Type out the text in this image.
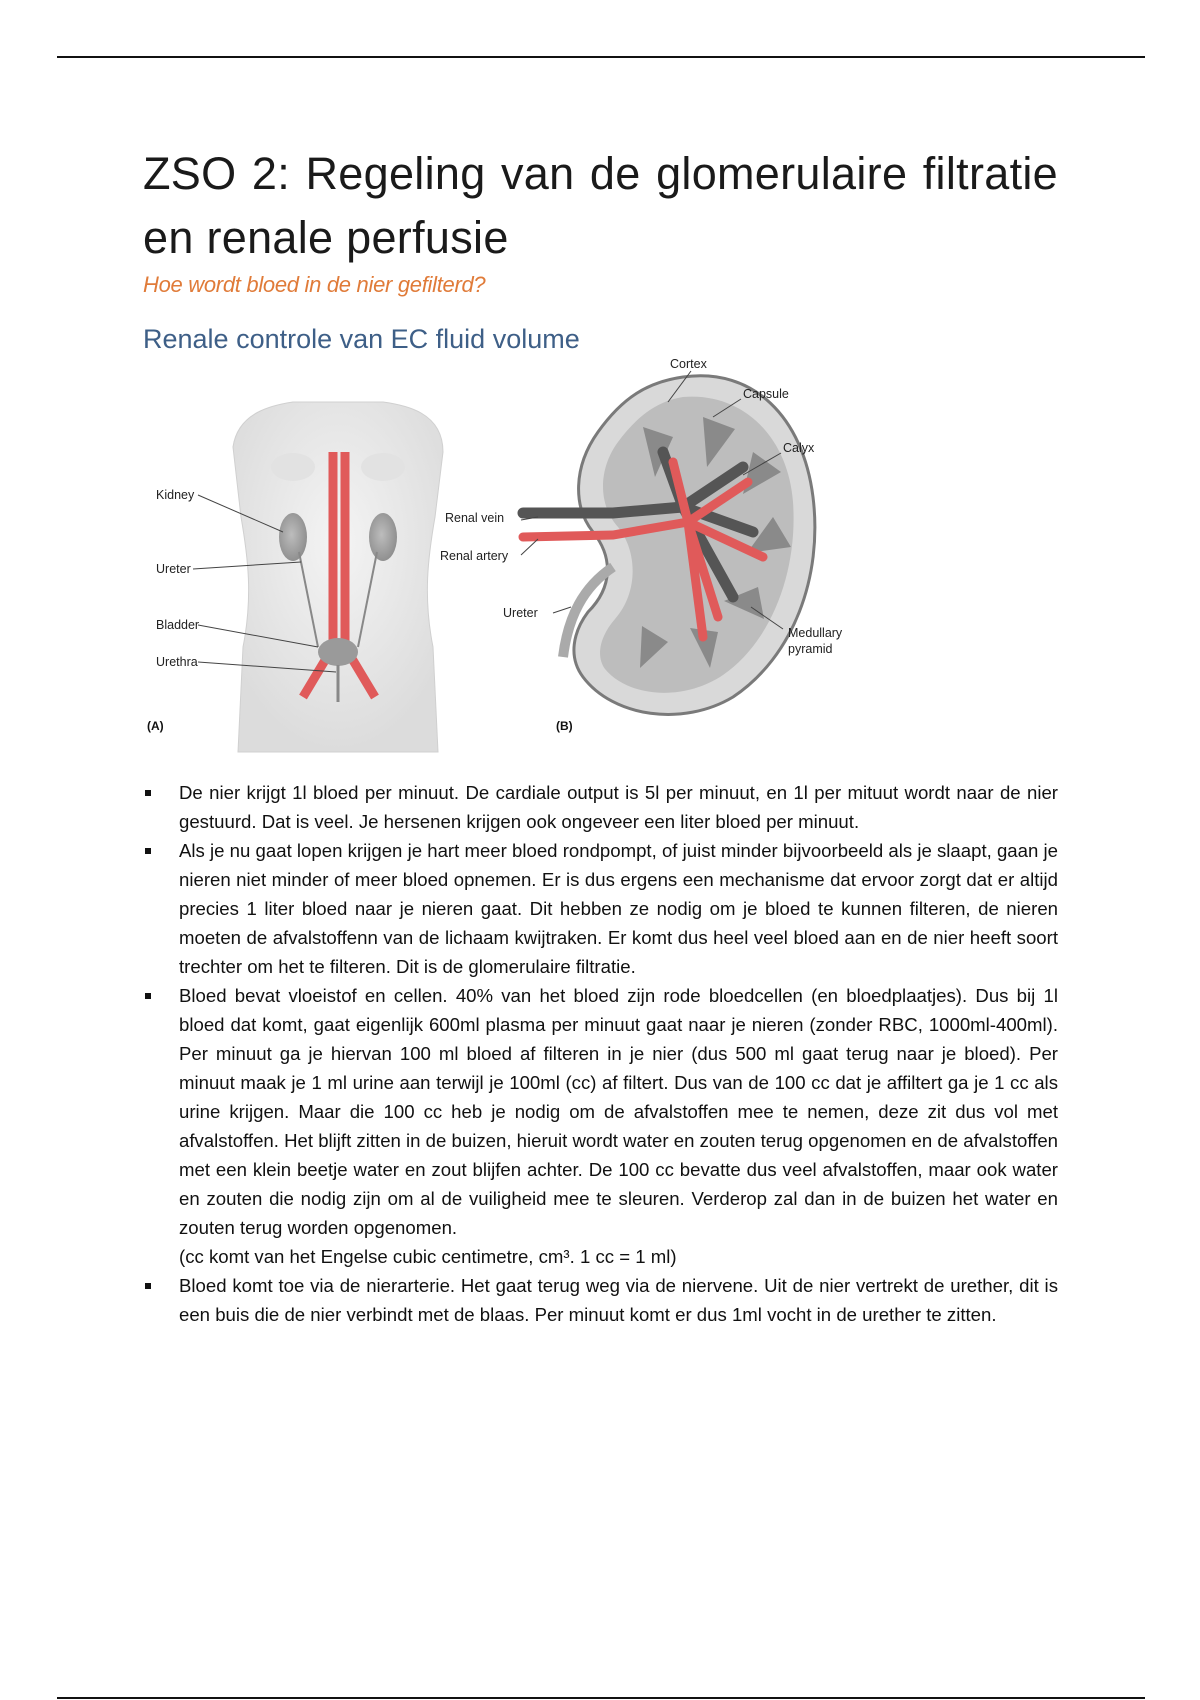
ZSO 2: Regeling van de glomerulaire filtratie en renale perfusie
Hoe wordt bloed in de nier gefilterd?
Renale controle van EC fluid volume
Kidney
Ureter
Bladder
Urethra
(A)
Cortex
Capsule
Calyx
Renal vein
Renal artery
Ureter
Medullary
pyramid
(B)
De nier krijgt 1l bloed per minuut. De cardiale output is 5l per minuut, en 1l per mituut wordt naar de nier gestuurd. Dat is veel. Je hersenen krijgen ook ongeveer een liter bloed per minuut.
Als je nu gaat lopen krijgen je hart meer bloed rondpompt, of juist minder bijvoorbeeld als je slaapt, gaan je nieren niet minder of meer bloed opnemen. Er is dus ergens een mechanisme dat ervoor zorgt dat er altijd precies 1 liter bloed naar je nieren gaat. Dit hebben ze nodig om je bloed te kunnen filteren, de nieren moeten de afvalstoffenn van de lichaam kwijtraken. Er komt dus heel veel bloed aan en de nier heeft soort trechter om het te filteren. Dit is de glomerulaire filtratie.
Bloed bevat vloeistof en cellen. 40% van het bloed zijn rode bloedcellen (en bloedplaatjes). Dus bij 1l bloed dat komt, gaat eigenlijk 600ml plasma per minuut gaat naar je nieren (zonder RBC, 1000ml-400ml). Per minuut ga je hiervan 100 ml bloed af filteren in je nier (dus 500 ml gaat terug naar je bloed). Per minuut maak je 1 ml urine aan terwijl je 100ml (cc) af filtert. Dus van de 100 cc dat je affiltert ga je 1 cc als urine krijgen. Maar die 100 cc heb je nodig om de afvalstoffen mee te nemen, deze zit dus vol met afvalstoffen. Het blijft zitten in de buizen, hieruit wordt water en zouten terug opgenomen en de afvalstoffen met een klein beetje water en zout blijfen achter. De 100 cc bevatte dus veel afvalstoffen, maar ook water en zouten die nodig zijn om al de vuiligheid mee te sleuren. Verderop zal dan in de buizen het water en zouten terug worden opgenomen.
(cc komt van het Engelse cubic centimetre, cm³. 1 cc = 1 ml)
Bloed komt toe via de nierarterie. Het gaat terug weg via de niervene. Uit de nier vertrekt de urether, dit is een buis die de nier verbindt met de blaas. Per minuut komt er dus 1ml vocht in de urether te zitten.
